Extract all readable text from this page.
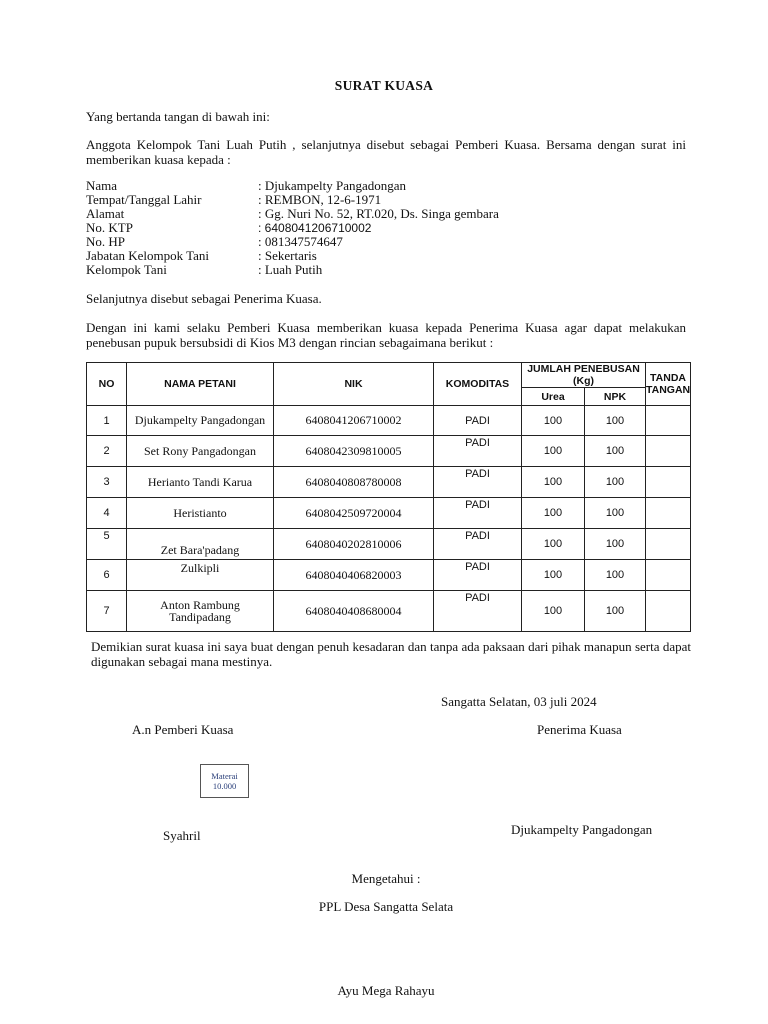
SURAT KUASA
Yang bertanda tangan di bawah ini:
Anggota Kelompok Tani Luah Putih , selanjutnya disebut sebagai Pemberi Kuasa. Bersama dengan surat ini memberikan kuasa kepada :
Nama	: Djukampelty Pangadongan
Tempat/Tanggal Lahir	: REMBON, 12-6-1971
Alamat	: Gg. Nuri No. 52, RT.020, Ds. Singa gembara
No. KTP	: 6408041206710002
No. HP	: 081347574647
Jabatan Kelompok Tani	: Sekertaris
Kelompok Tani	: Luah Putih
Selanjutnya disebut sebagai Penerima Kuasa.
Dengan ini kami selaku Pemberi Kuasa memberikan kuasa kepada Penerima Kuasa agar dapat melakukan penebusan pupuk bersubsidi di Kios M3 dengan rincian sebagaimana berikut :
NO	NAMA PETANI	NIK	KOMODITAS	JUMLAH PENEBUSAN (Kg)		TANDA TANGAN
				Urea	NPK	
1	Djukampelty Pangadongan	6408041206710002	PADI	100	100	
2	Set Rony Pangadongan	6408042309810005	PADI	100	100	
3	Herianto Tandi Karua	6408040808780008	PADI	100	100	
4	Heristianto	6408042509720004	PADI	100	100	

5	Zet Bara'padang	6408040202810006	PADI	100	100	
6	Zulkipli	6408040406820003	PADI	100	100	
7	Anton Rambung Tandipadang	6408040408680004	PADI	100	100	
Demikian surat kuasa ini saya buat dengan penuh kesadaran dan tanpa ada paksaan dari pihak manapun serta dapat digunakan sebagai mana mestinya.
Sangatta Selatan, 03 juli 2024
A.n Pemberi Kuasa	Penerima Kuasa
Materai
10.000
Syahril	Djukampelty Pangadongan
Mengetahui :
PPL Desa Sangatta Selata
Ayu Mega Rahayu
